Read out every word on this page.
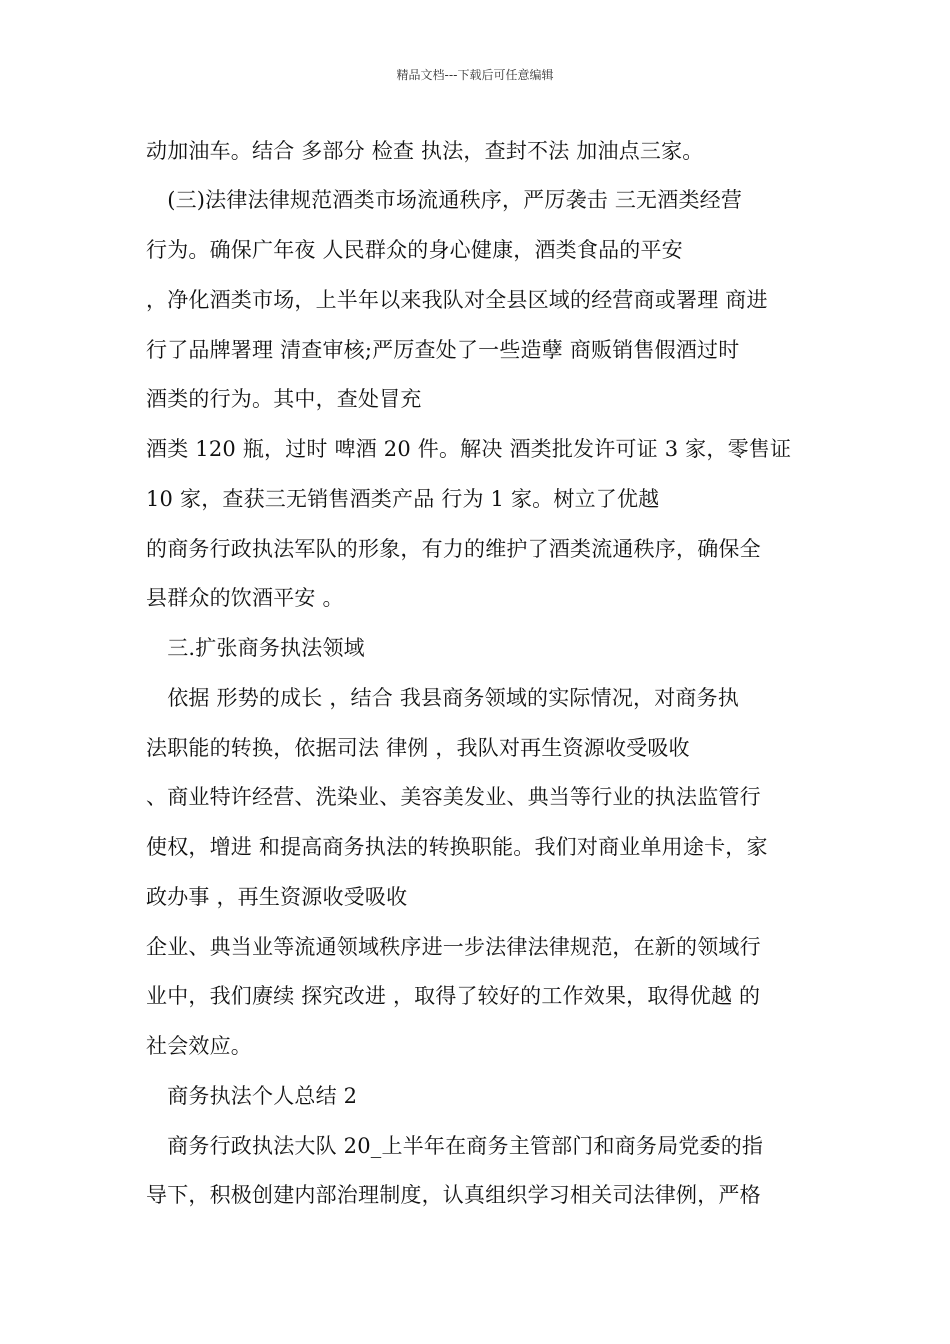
精品文档---下载后可任意编辑
动加油车。结合 多部分 检查 执法，查封不法 加油点三家。
　(三)法律法律规范酒类市场流通秩序，严厉袭击 三无酒类经营
行为。确保广年夜 人民群众的身心健康，酒类食品的平安
，净化酒类市场，上半年以来我队对全县区域的经营商或署理 商进
行了品牌署理 清查审核;严厉查处了一些造孽 商贩销售假酒过时
酒类的行为。其中，查处冒充
酒类 120 瓶，过时 啤酒 20 件。解决 酒类批发许可证 3 家，零售证
10 家，查获三无销售酒类产品 行为 1 家。树立了优越
的商务行政执法军队的形象，有力的维护了酒类流通秩序，确保全
县群众的饮酒平安 。
　三.扩张商务执法领域
　依据 形势的成长 ，结合 我县商务领域的实际情况，对商务执
法职能的转换，依据司法 律例 ，我队对再生资源收受吸收
、商业特许经营、洗染业、美容美发业、典当等行业的执法监管行
使权，增进 和提高商务执法的转换职能。我们对商业单用途卡，家
政办事 ，再生资源收受吸收
企业、典当业等流通领域秩序进一步法律法律规范，在新的领域行
业中，我们赓续 探究改进 ，取得了较好的工作效果，取得优越 的
社会效应。
　商务执法个人总结 2
　商务行政执法大队 20_上半年在商务主管部门和商务局党委的指
导下，积极创建内部治理制度，认真组织学习相关司法律例，严格
